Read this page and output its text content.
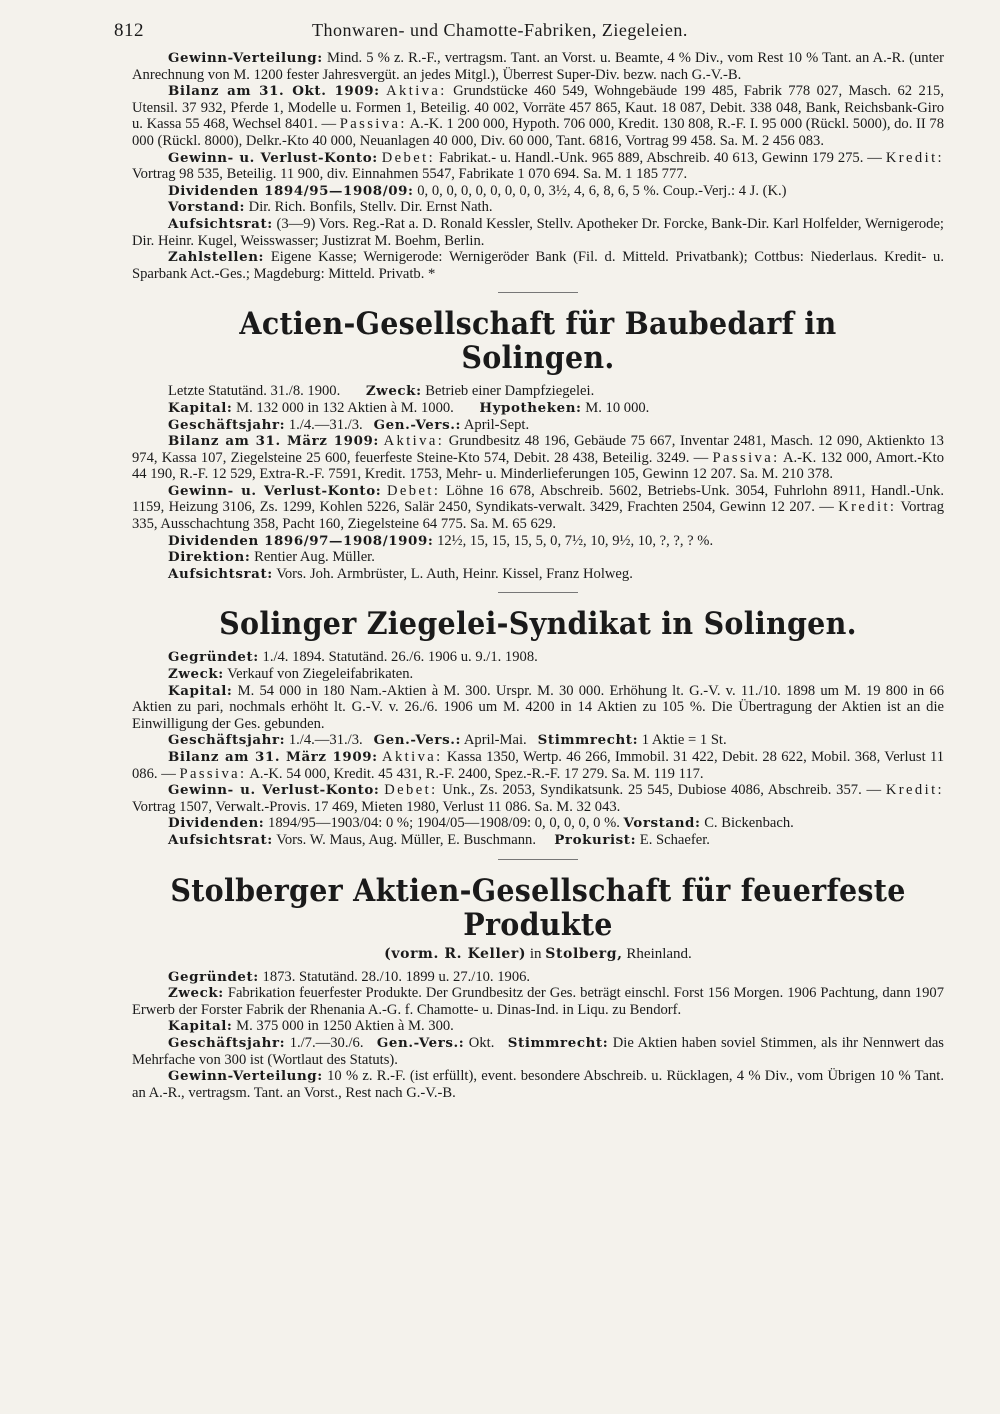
812	Thonwaren- und Chamotte-Fabriken, Ziegeleien.

Gewinn-Verteilung: Mind. 5 % z. R.-F., vertragsm. Tant. an Vorst. u. Beamte, 4 % Div., vom Rest 10 % Tant. an A.-R. (unter Anrechnung von M. 1200 fester Jahresvergüt. an jedes Mitgl.), Überrest Super-Div. bezw. nach G.-V.-B.

Bilanz am 31. Okt. 1909: Aktiva: Grundstücke 460 549, Wohngebäude 199 485, Fabrik 778 027, Masch. 62 215, Utensil. 37 932, Pferde 1, Modelle u. Formen 1, Beteilig. 40 002, Vorräte 457 865, Kaut. 18 087, Debit. 338 048, Bank, Reichsbank-Giro u. Kassa 55 468, Wechsel 8401. — Passiva: A.-K. 1 200 000, Hypoth. 706 000, Kredit. 130 808, R.-F. I. 95 000 (Rückl. 5000), do. II 78 000 (Rückl. 8000), Delkr.-Kto 40 000, Neuanlagen 40 000, Div. 60 000, Tant. 6816, Vortrag 99 458. Sa. M. 2 456 083.

Gewinn- u. Verlust-Konto: Debet: Fabrikat.- u. Handl.-Unk. 965 889, Abschreib. 40 613, Gewinn 179 275. — Kredit: Vortrag 98 535, Beteilig. 11 900, div. Einnahmen 5547, Fabrikate 1 070 694. Sa. M. 1 185 777.

Dividenden 1894/95—1908/09: 0, 0, 0, 0, 0, 0, 0, 0, 0, 3½, 4, 6, 8, 6, 5 %. Coup.-Verj.: 4 J. (K.)

Vorstand: Dir. Rich. Bonfils, Stellv. Dir. Ernst Nath.

Aufsichtsrat: (3—9) Vors. Reg.-Rat a. D. Ronald Kessler, Stellv. Apotheker Dr. Forcke, Bank-Dir. Karl Holfelder, Wernigerode; Dir. Heinr. Kugel, Weisswasser; Justizrat M. Boehm, Berlin.

Zahlstellen: Eigene Kasse; Wernigerode: Wernigeröder Bank (Fil. d. Mitteld. Privatbank); Cottbus: Niederlaus. Kredit- u. Sparbank Act.-Ges.; Magdeburg: Mitteld. Privatb. *

Actien-Gesellschaft für Baubedarf in Solingen.

Letzte Statutänd. 31./8. 1900. Zweck: Betrieb einer Dampfziegelei.

Kapital: M. 132 000 in 132 Aktien à M. 1000. Hypotheken: M. 10 000.

Geschäftsjahr: 1./4.—31./3. Gen.-Vers.: April-Sept.

Bilanz am 31. März 1909: Aktiva: Grundbesitz 48 196, Gebäude 75 667, Inventar 2481, Masch. 12 090, Aktienkto 13 974, Kassa 107, Ziegelsteine 25 600, feuerfeste Steine-Kto 574, Debit. 28 438, Beteilig. 3249. — Passiva: A.-K. 132 000, Amort.-Kto 44 190, R.-F. 12 529, Extra-R.-F. 7591, Kredit. 1753, Mehr- u. Minderlieferungen 105, Gewinn 12 207. Sa. M. 210 378.

Gewinn- u. Verlust-Konto: Debet: Löhne 16 678, Abschreib. 5602, Betriebs-Unk. 3054, Fuhrlohn 8911, Handl.-Unk. 1159, Heizung 3106, Zs. 1299, Kohlen 5226, Salär 2450, Syndikats-verwalt. 3429, Frachten 2504, Gewinn 12 207. — Kredit: Vortrag 335, Ausschachtung 358, Pacht 160, Ziegelsteine 64 775. Sa. M. 65 629.

Dividenden 1896/97—1908/1909: 12½, 15, 15, 15, 5, 0, 7½, 10, 9½, 10, ?, ?, ? %.

Direktion: Rentier Aug. Müller.

Aufsichtsrat: Vors. Joh. Armbrüster, L. Auth, Heinr. Kissel, Franz Holweg.

Solinger Ziegelei-Syndikat in Solingen.

Gegründet: 1./4. 1894. Statutänd. 26./6. 1906 u. 9./1. 1908.

Zweck: Verkauf von Ziegeleifabrikaten.

Kapital: M. 54 000 in 180 Nam.-Aktien à M. 300. Urspr. M. 30 000. Erhöhung lt. G.-V. v. 11./10. 1898 um M. 19 800 in 66 Aktien zu pari, nochmals erhöht lt. G.-V. v. 26./6. 1906 um M. 4200 in 14 Aktien zu 105 %. Die Übertragung der Aktien ist an die Einwilligung der Ges. gebunden.

Geschäftsjahr: 1./4.—31./3. Gen.-Vers.: April-Mai. Stimmrecht: 1 Aktie = 1 St.

Bilanz am 31. März 1909: Aktiva: Kassa 1350, Wertp. 46 266, Immobil. 31 422, Debit. 28 622, Mobil. 368, Verlust 11 086. — Passiva: A.-K. 54 000, Kredit. 45 431, R.-F. 2400, Spez.-R.-F. 17 279. Sa. M. 119 117.

Gewinn- u. Verlust-Konto: Debet: Unk., Zs. 2053, Syndikatsunk. 25 545, Dubiose 4086, Abschreib. 357. — Kredit: Vortrag 1507, Verwalt.-Provis. 17 469, Mieten 1980, Verlust 11 086. Sa. M. 32 043.

Dividenden: 1894/95—1903/04: 0 %; 1904/05—1908/09: 0, 0, 0, 0, 0 %. Vorstand: C. Bickenbach.

Aufsichtsrat: Vors. W. Maus, Aug. Müller, E. Buschmann. Prokurist: E. Schaefer.

Stolberger Aktien-Gesellschaft für feuerfeste Produkte
(vorm. R. Keller) in Stolberg, Rheinland.

Gegründet: 1873. Statutänd. 28./10. 1899 u. 27./10. 1906.

Zweck: Fabrikation feuerfester Produkte. Der Grundbesitz der Ges. beträgt einschl. Forst 156 Morgen. 1906 Pachtung, dann 1907 Erwerb der Forster Fabrik der Rhenania A.-G. f. Chamotte- u. Dinas-Ind. in Liqu. zu Bendorf.

Kapital: M. 375 000 in 1250 Aktien à M. 300.

Geschäftsjahr: 1./7.—30./6. Gen.-Vers.: Okt. Stimmrecht: Die Aktien haben soviel Stimmen, als ihr Nennwert das Mehrfache von 300 ist (Wortlaut des Statuts).

Gewinn-Verteilung: 10 % z. R.-F. (ist erfüllt), event. besondere Abschreib. u. Rücklagen, 4 % Div., vom Übrigen 10 % Tant. an A.-R., vertragsm. Tant. an Vorst., Rest nach G.-V.-B.
